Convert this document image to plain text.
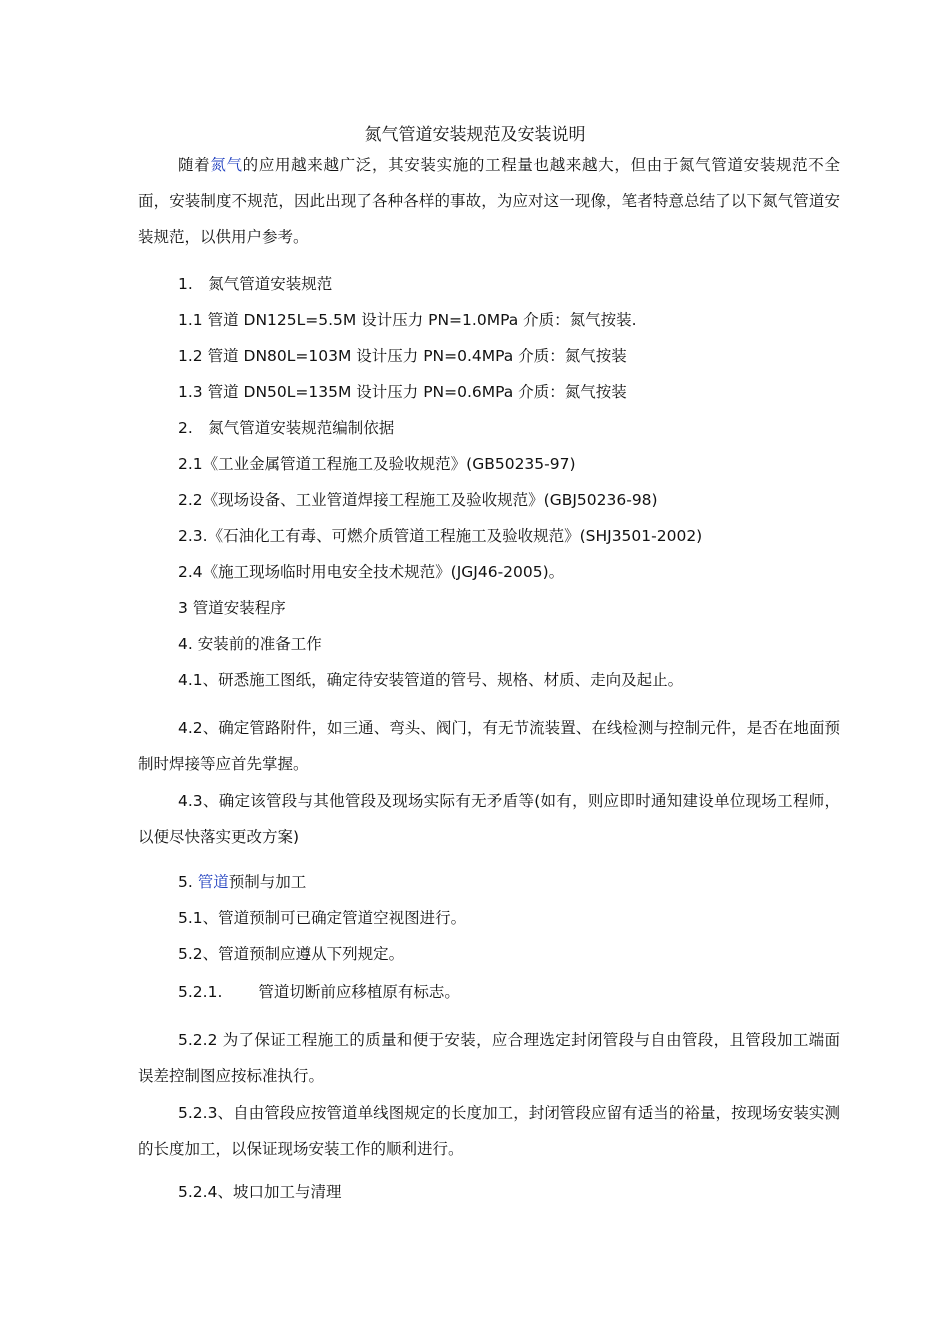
氮气管道安装规范及安装说明
随着氮气的应用越来越广泛，其安装实施的工程量也越来越大，但由于氮气管道安装规范不全面，安装制度不规范，因此出现了各种各样的事故，为应对这一现像，笔者特意总结了以下氮气管道安装规范，以供用户参考。
1.　氮气管道安装规范
1.1 管道 DN125L=5.5M 设计压力 PN=1.0MPa 介质：氮气按装.
1.2 管道 DN80L=103M 设计压力 PN=0.4MPa 介质：氮气按装
1.3 管道 DN50L=135M 设计压力 PN=0.6MPa 介质：氮气按装
2.　氮气管道安装规范编制依据
2.1《工业金属管道工程施工及验收规范》(GB50235-97)
2.2《现场设备、工业管道焊接工程施工及验收规范》(GBJ50236-98)
2.3.《石油化工有毒、可燃介质管道工程施工及验收规范》(SHJ3501-2002)
2.4《施工现场临时用电安全技术规范》(JGJ46-2005)。
3 管道安装程序
4. 安装前的准备工作
4.1、研悉施工图纸，确定待安装管道的管号、规格、材质、走向及起止。
4.2、确定管路附件，如三通、弯头、阀门，有无节流装置、在线检测与控制元件，是否在地面预制时焊接等应首先掌握。
4.3、确定该管段与其他管段及现场实际有无矛盾等(如有，则应即时通知建设单位现场工程师，以便尽快落实更改方案)
5. 管道预制与加工
5.1、管道预制可已确定管道空视图进行。
5.2、管道预制应遵从下列规定。
5.2.1. 管道切断前应移植原有标志。
5.2.2 为了保证工程施工的质量和便于安装，应合理选定封闭管段与自由管段，且管段加工端面误差控制图应按标准执行。
5.2.3、自由管段应按管道单线图规定的长度加工，封闭管段应留有适当的裕量，按现场安装实测的长度加工，以保证现场安装工作的顺利进行。
5.2.4、坡口加工与清理
